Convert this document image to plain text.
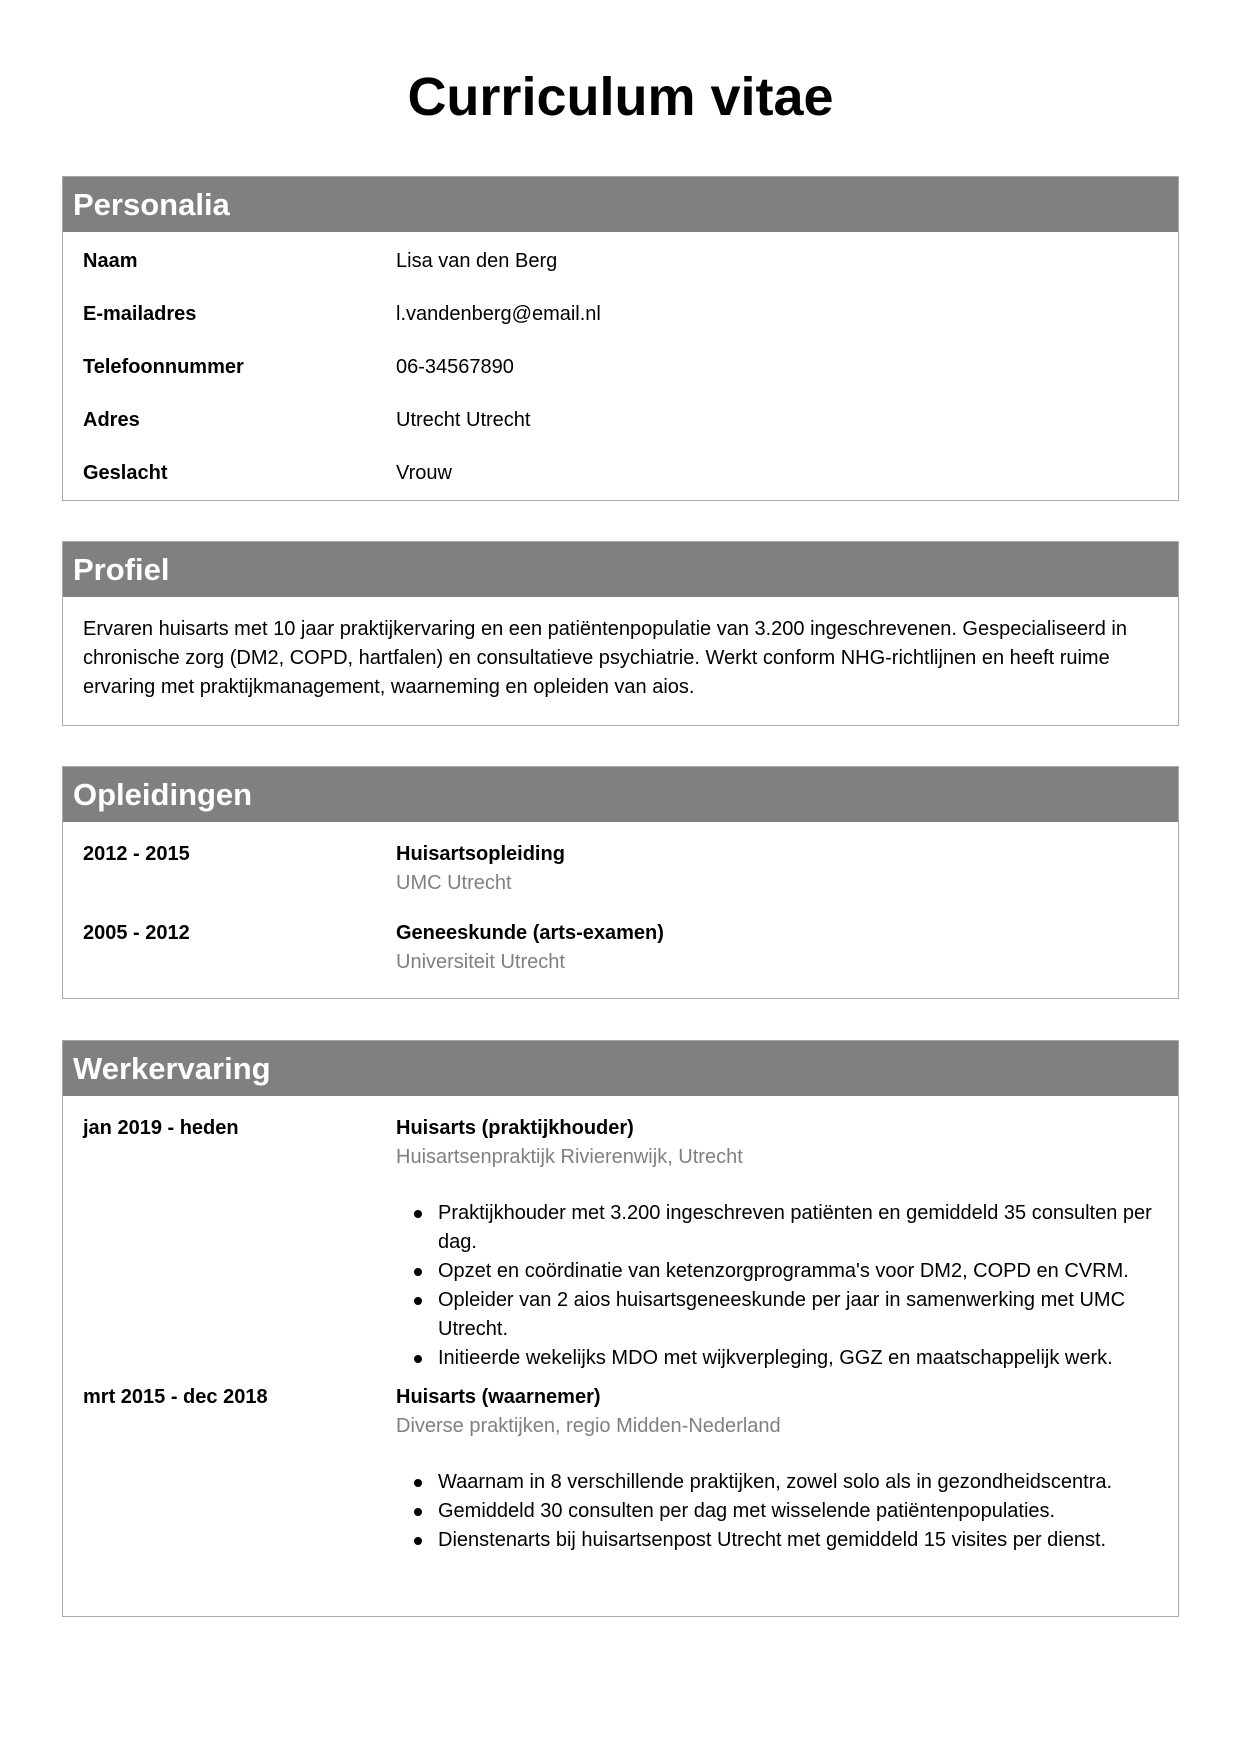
Curriculum vitae
Personalia
Naam	Lisa van den Berg
E-mailadres	l.vandenberg@email.nl
Telefoonnummer	06-34567890
Adres	Utrecht Utrecht
Geslacht	Vrouw
Profiel

Ervaren huisarts met 10 jaar praktijkervaring en een patiëntenpopulatie van 3.200 ingeschrevenen. Gespecialiseerd in chronische zorg (DM2, COPD, hartfalen) en consultatieve psychiatrie. Werkt conform NHG-richtlijnen en heeft ruime ervaring met praktijkmanagement, waarneming en opleiden van aios.

Opleidingen
2012 - 2015	Huisartsopleiding
UMC Utrecht
2005 - 2012	Geneeskunde (arts-examen)
Universiteit Utrecht
Werkervaring
jan 2019 - heden	Huisarts (praktijkhouder)
Huisartsenpraktijk Rivierenwijk, Utrecht
Praktijkhouder met 3.200 ingeschreven patiënten en gemiddeld 35 consulten per dag.
Opzet en coördinatie van ketenzorgprogramma's voor DM2, COPD en CVRM.
Opleider van 2 aios huisartsgeneeskunde per jaar in samenwerking met UMC Utrecht.
Initieerde wekelijks MDO met wijkverpleging, GGZ en maatschappelijk werk.
mrt 2015 - dec 2018	Huisarts (waarnemer)
Diverse praktijken, regio Midden-Nederland
Waarnam in 8 verschillende praktijken, zowel solo als in gezondheidscentra.
Gemiddeld 30 consulten per dag met wisselende patiëntenpopulaties.
Dienstenarts bij huisartsenpost Utrecht met gemiddeld 15 visites per dienst.
